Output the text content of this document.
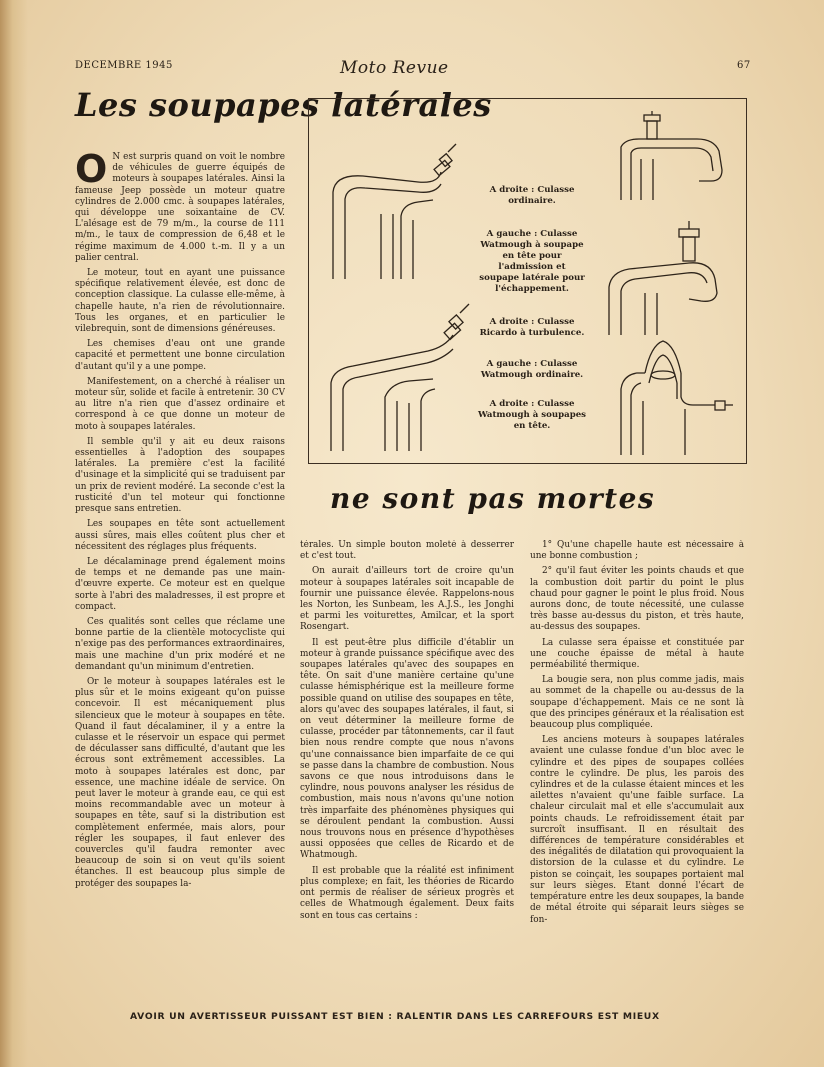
DECEMBRE 1945	Moto Revue	67
Les soupapes latérales
ne sont pas mortes
A droite : Culasse ordinaire.
A gauche : Culasse Watmough à soupape en tête pour l'admission et soupape latérale pour l'échappement.
A droite : Culasse Ricardo à turbulence.
A gauche : Culasse Watmough ordinaire.
A droite : Culasse Watmough à soupapes en tête.

O N est surpris quand on voit le nombre de véhicules de guerre équipés de moteurs à soupapes latérales. Ainsi la fameuse Jeep possède un moteur quatre cylindres de 2.000 cmc. à soupapes latérales, qui développe une soixantaine de CV. L'alésage est de 79 m/m., la course de 111 m/m., le taux de compression de 6,48 et le régime maximum de 4.000 t.-m. Il y a un palier central.

Le moteur, tout en ayant une puissance spécifique relativement élevée, est donc de conception classique. La culasse elle-même, à chapelle haute, n'a rien de révolutionnaire. Tous les organes, et en particulier le vilebrequin, sont de dimensions généreuses.

Les chemises d'eau ont une grande capacité et permettent une bonne circulation d'autant qu'il y a une pompe.

Manifestement, on a cherché à réaliser un moteur sûr, solide et facile à entretenir. 30 CV au litre n'a rien que d'assez ordinaire et correspond à ce que donne un moteur de moto à soupapes latérales.

Il semble qu'il y ait eu deux raisons essentielles à l'adoption des soupapes latérales. La première c'est la facilité d'usinage et la simplicité qui se traduisent par un prix de revient modéré. La seconde c'est la rusticité d'un tel moteur qui fonctionne presque sans entretien.

Les soupapes en tête sont actuellement aussi sûres, mais elles coûtent plus cher et nécessitent des réglages plus fréquents.

Le décalaminage prend également moins de temps et ne demande pas une main-d'œuvre experte. Ce moteur est en quelque sorte à l'abri des maladresses, il est propre et compact.

Ces qualités sont celles que réclame une bonne partie de la clientèle motocycliste qui n'exige pas des performances extraordinaires, mais une machine d'un prix modéré et ne demandant qu'un minimum d'entretien.

Or le moteur à soupapes latérales est le plus sûr et le moins exigeant qu'on puisse concevoir. Il est mécaniquement plus silencieux que le moteur à soupapes en tête. Quand il faut décalaminer, il y a entre la culasse et le réservoir un espace qui permet de déculasser sans difficulté, d'autant que les écrous sont extrêmement accessibles. La moto à soupapes latérales est donc, par essence, une machine idéale de service. On peut laver le moteur à grande eau, ce qui est moins recommandable avec un moteur à soupapes en tête, sauf si la distribution est complètement enfermée, mais alors, pour régler les soupapes, il faut enlever des couvercles qu'il faudra remonter avec beaucoup de soin si on veut qu'ils soient étanches. Il est beaucoup plus simple de protéger des soupapes la-

térales. Un simple bouton moleté à desserrer et c'est tout.

On aurait d'ailleurs tort de croire qu'un moteur à soupapes latérales soit incapable de fournir une puissance élevée. Rappelons-nous les Norton, les Sunbeam, les A.J.S., les Jonghi et parmi les voiturettes, Amilcar, et la sport Rosengart.

Il est peut-être plus difficile d'établir un moteur à grande puissance spécifique avec des soupapes latérales qu'avec des soupapes en tête. On sait d'une manière certaine qu'une culasse hémisphérique est la meilleure forme possible quand on utilise des soupapes en tête, alors qu'avec des soupapes latérales, il faut, si on veut déterminer la meilleure forme de culasse, procéder par tâtonnements, car il faut bien nous rendre compte que nous n'avons qu'une connaissance bien imparfaite de ce qui se passe dans la chambre de combustion. Nous savons ce que nous introduisons dans le cylindre, nous pouvons analyser les résidus de combustion, mais nous n'avons qu'une notion très imparfaite des phénomènes physiques qui se déroulent pendant la combustion. Aussi nous trouvons nous en présence d'hypothèses aussi opposées que celles de Ricardo et de Whatmough.

Il est probable que la réalité est infiniment plus complexe; en fait, les théories de Ricardo ont permis de réaliser de sérieux progrès et celles de Whatmough également. Deux faits sont en tous cas certains :

1° Qu'une chapelle haute est nécessaire à une bonne combustion ;

2° qu'il faut éviter les points chauds et que la combustion doit partir du point le plus chaud pour gagner le point le plus froid. Nous aurons donc, de toute nécessité, une culasse très basse au-dessus du piston, et très haute, au-dessus des soupapes.

La culasse sera épaisse et constituée par une couche épaisse de métal à haute perméabilité thermique.

La bougie sera, non plus comme jadis, mais au sommet de la chapelle ou au-dessus de la soupape d'échappement. Mais ce ne sont là que des principes généraux et la réalisation est beaucoup plus compliquée.

Les anciens moteurs à soupapes latérales avaient une culasse fondue d'un bloc avec le cylindre et des pipes de soupapes collées contre le cylindre. De plus, les parois des cylindres et de la culasse étaient minces et les ailettes n'avaient qu'une faible surface. La chaleur circulait mal et elle s'accumulait aux points chauds. Le refroidissement était par surcroît insuffisant. Il en résultait des différences de température considérables et des inégalités de dilatation qui provoquaient la distorsion de la culasse et du cylindre. Le piston se coinçait, les soupapes portaient mal sur leurs sièges. Etant donné l'écart de température entre les deux soupapes, la bande de métal étroite qui séparait leurs sièges se fon-

AVOIR UN AVERTISSEUR PUISSANT EST BIEN : RALENTIR DANS LES CARREFOURS EST MIEUX
